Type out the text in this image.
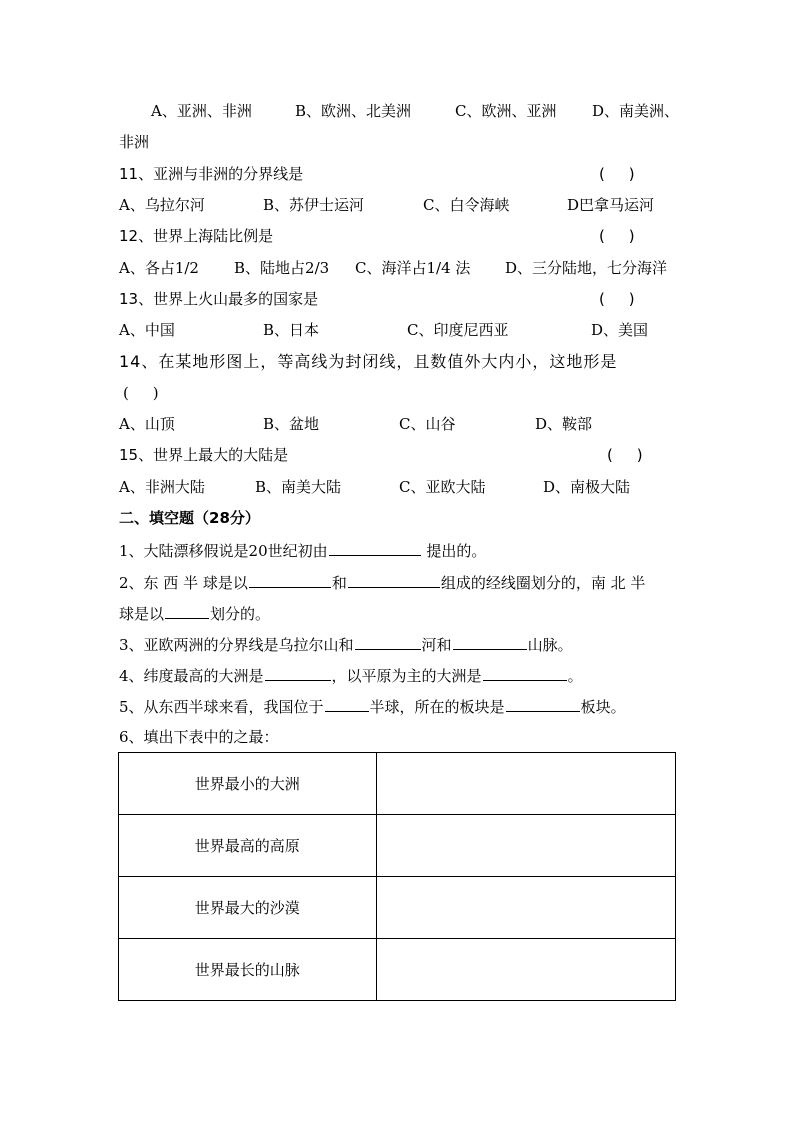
A、亚洲、非洲	B、欧洲、北美洲	C、欧洲、亚洲 D、南美洲、
非洲
11、亚洲与非洲的分界线是	(     )
A、乌拉尔河	B、苏伊士运河	C、白令海峡	D巴拿马运河
12、世界上海陆比例是	(     )
A、各占1/2 B、陆地占2/3 C、海洋占1/4 法 D、三分陆地，七分海洋
13、世界上火山最多的国家是	(     )
A、中国	B、日本	C、印度尼西亚	D、美国
14、在某地形图上，等高线为封闭线，且数值外大内小，这地形是
(     )
A、山顶	B、盆地	C、山谷	D、鞍部
15、世界上最大的大陆是	(     )
A、非洲大陆	B、南美大陆	C、亚欧大陆	D、南极大陆
二、填空题（28分）
1、大陆漂移假说是20世纪初由	提出的。
2、东 西 半 球是以	和	组成的经线圈划分的，南 北 半
球是以	划分的。
3、亚欧两洲的分界线是乌拉尔山和	河和	山脉。
4、纬度最高的大洲是	，以平原为主的大洲是	。
5、从东西半球来看，我国位于	半球，所在的板块是	板块。
6、填出下表中的之最：
世界最小的大洲	
世界最高的高原	
世界最大的沙漠	
世界最长的山脉	
